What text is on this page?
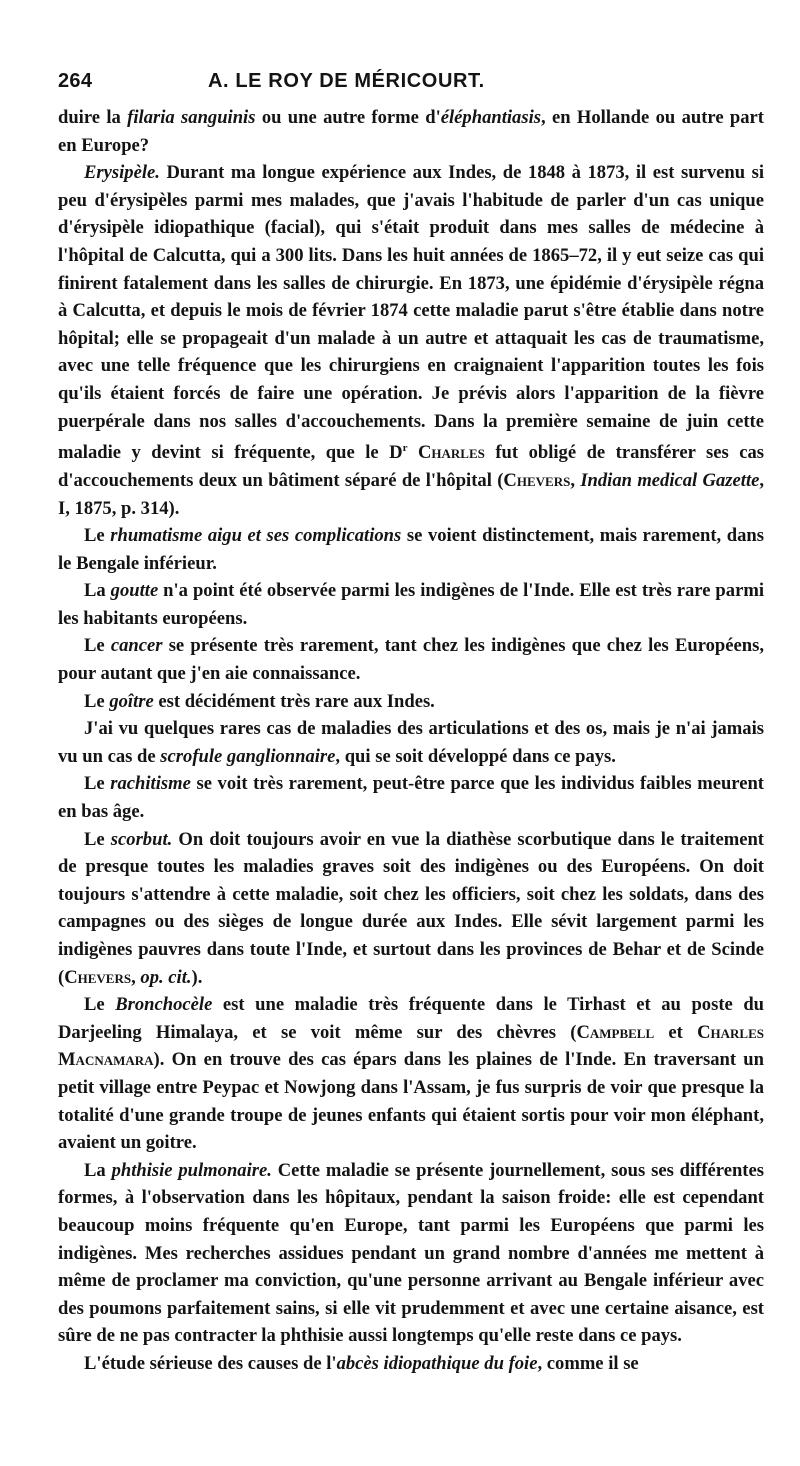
264	A. LE ROY DE MÉRICOURT.

duire la filaria sanguinis ou une autre forme d'éléphantiasis, en Hollande ou autre part en Europe?

Erysipèle. Durant ma longue expérience aux Indes, de 1848 à 1873, il est survenu si peu d'érysipèles parmi mes malades, que j'avais l'habitude de parler d'un cas unique d'érysipèle idiopathique (facial), qui s'était produit dans mes salles de médecine à l'hôpital de Calcutta, qui a 300 lits. Dans les huit années de 1865–72, il y eut seize cas qui finirent fatalement dans les salles de chirurgie. En 1873, une épidémie d'érysipèle régna à Calcutta, et depuis le mois de février 1874 cette maladie parut s'être établie dans notre hôpital; elle se propageait d'un malade à un autre et attaquait les cas de traumatisme, avec une telle fréquence que les chirurgiens en craignaient l'apparition toutes les fois qu'ils étaient forcés de faire une opération. Je prévis alors l'apparition de la fièvre puerpérale dans nos salles d'accouchements. Dans la première semaine de juin cette maladie y devint si fréquente, que le $D^r$ Charles fut obligé de transférer ses cas d'accouchements deux un bâtiment séparé de l'hôpital (Chevers, Indian medical Gazette, I, 1875, p. 314).

Le rhumatisme aigu et ses complications se voient distinctement, mais rarement, dans le Bengale inférieur.

La goutte n'a point été observée parmi les indigènes de l'Inde. Elle est très rare parmi les habitants européens.

Le cancer se présente très rarement, tant chez les indigènes que chez les Européens, pour autant que j'en aie connaissance.

Le goître est décidément très rare aux Indes.

J'ai vu quelques rares cas de maladies des articulations et des os, mais je n'ai jamais vu un cas de scrofule ganglionnaire, qui se soit développé dans ce pays.

Le rachitisme se voit très rarement, peut-être parce que les individus faibles meurent en bas âge.

Le scorbut. On doit toujours avoir en vue la diathèse scorbutique dans le traitement de presque toutes les maladies graves soit des indigènes ou des Européens. On doit toujours s'attendre à cette maladie, soit chez les officiers, soit chez les soldats, dans des campagnes ou des sièges de longue durée aux Indes. Elle sévit largement parmi les indigènes pauvres dans toute l'Inde, et surtout dans les provinces de Behar et de Scinde (Chevers, op. cit.).

Le Bronchocèle est une maladie très fréquente dans le Tirhast et au poste du Darjeeling Himalaya, et se voit même sur des chèvres (Campbell et Charles Macnamara). On en trouve des cas épars dans les plaines de l'Inde. En traversant un petit village entre Peypac et Nowjong dans l'Assam, je fus surpris de voir que presque la totalité d'une grande troupe de jeunes enfants qui étaient sortis pour voir mon éléphant, avaient un goitre.

La phthisie pulmonaire. Cette maladie se présente journellement, sous ses différentes formes, à l'observation dans les hôpitaux, pendant la saison froide: elle est cependant beaucoup moins fréquente qu'en Europe, tant parmi les Européens que parmi les indigènes. Mes recherches assidues pendant un grand nombre d'années me mettent à même de proclamer ma conviction, qu'une personne arrivant au Bengale inférieur avec des poumons parfaitement sains, si elle vit prudemment et avec une certaine aisance, est sûre de ne pas contracter la phthisie aussi longtemps qu'elle reste dans ce pays.

L'étude sérieuse des causes de l'abcès idiopathique du foie, comme il se
